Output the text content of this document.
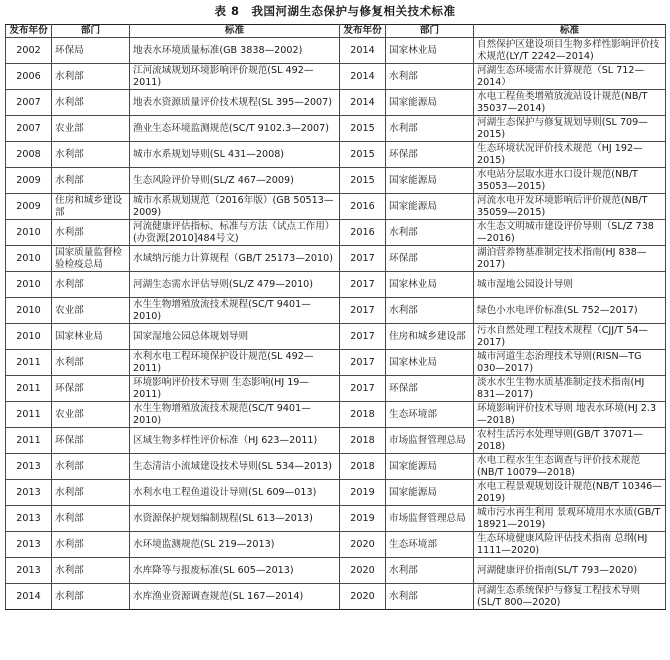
表 8　我国河湖生态保护与修复相关技术标准
发布年份	部门	标准	发布年份	部门	标准
2002	环保局	地表水环境质量标准(GB 3838—2002)	2014	国家林业局	自然保护区建设项目生物多样性影响评价技术规范(LY/T 2242—2014)
2006	水利部	江河流域规划环境影响评价规范(SL 492—2011)	2014	水利部	河湖生态环境需水计算规范（SL 712—2014）
2007	水利部	地表水资源质量评价技术规程(SL 395—2007)	2014	国家能源局	水电工程鱼类增殖放流站设计规范(NB/T 35037—2014)
2007	农业部	渔业生态环境监测规范(SC/T 9102.3—2007)	2015	水利部	河湖生态保护与修复规划导则(SL 709—2015)
2008	水利部	城市水系规划导则(SL 431—2008)	2015	环保部	生态环境状况评价技术规范（HJ 192—2015)
2009	水利部	生态风险评价导则(SL/Z 467—2009)	2015	国家能源局	水电站分层取水进水口设计规范(NB/T 35053—2015)
2009	住房和城乡建设部	城市水系规划规范（2016年版）(GB 50513—2009)	2016	国家能源局	河流水电开发环境影响后评价规范(NB/T 35059—2015)
2010	水利部	河流健康评估指标、标准与方法（试点工作用）(办资源[2010]484号文)	2016	水利部	水生态文明城市建设评价导则（SL/Z 738—2016)
2010	国家质量监督检验检疫总局	水域纳污能力计算规程（GB/T 25173—2010)	2017	环保部	湖泊营养物基准制定技术指南(HJ 838—2017)
2010	水利部	河湖生态需水评估导则(SL/Z 479—2010)	2017	国家林业局	城市湿地公园设计导则
2010	农业部	水生生物增殖放流技术规程(SC/T 9401—2010)	2017	水利部	绿色小水电评价标准(SL 752—2017)
2010	国家林业局	国家湿地公园总体规划导则	2017	住房和城乡建设部	污水自然处理工程技术规程（CJJ/T 54—2017)
2011	水利部	水利水电工程环境保护设计规范(SL 492—2011)	2017	国家林业局	城市河道生态治理技术导则(RISN—TG 030—2017)
2011	环保部	环境影响评价技术导则 生态影响(HJ 19—2011)	2017	环保部	淡水水生生物水质基准制定技术指南(HJ 831—2017)
2011	农业部	水生生物增殖放流技术规范(SC/T 9401—2010)	2018	生态环境部	环境影响评价技术导则 地表水环境(HJ 2.3—2018)
2011	环保部	区域生物多样性评价标准（HJ 623—2011)	2018	市场监督管理总局	农村生活污水处理导则(GB/T 37071—2018)
2013	水利部	生态清洁小流域建设技术导则(SL 534—2013)	2018	国家能源局	水电工程水生生态调查与评价技术规范(NB/T 10079—2018)
2013	水利部	水利水电工程鱼道设计导则(SL 609—013)	2019	国家能源局	水电工程景观规划设计规范(NB/T 10346—2019)
2013	水利部	水资源保护规划编制规程(SL 613—2013)	2019	市场监督管理总局	城市污水再生利用 景观环境用水水质(GB/T 18921—2019)
2013	水利部	水环境监测规范(SL 219—2013)	2020	生态环境部	生态环境健康风险评估技术指南 总纲(HJ 1111—2020)
2013	水利部	水库降等与报废标准(SL 605—2013)	2020	水利部	河湖健康评价指南(SL/T 793—2020)
2014	水利部	水库渔业资源调查规范(SL 167—2014)	2020	水利部	河湖生态系统保护与修复工程技术导则(SL/T 800—2020)
